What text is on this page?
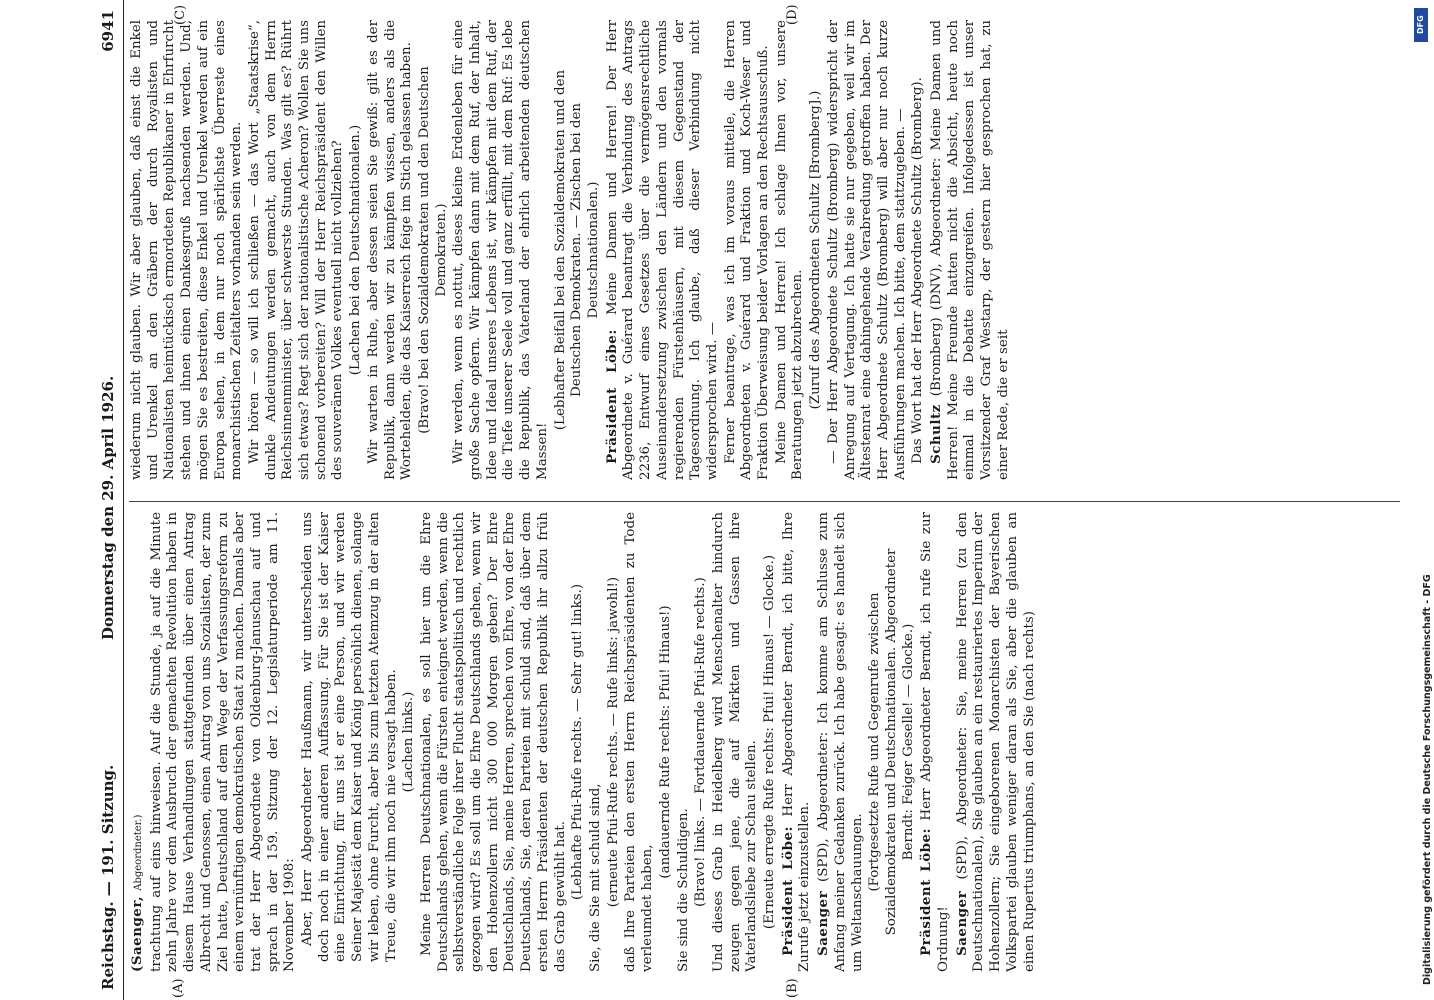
Reichstag. — 191. Sitzung.
Donnerstag den 29. April 1926.
6941
(A)	(B)
(C)	(D)

(Saenger, Abgeordneter.) trachtung auf eins hinweisen. Auf die Stunde, ja auf die Minute zehn Jahre vor dem Ausbruch der gemachten Revolution haben in diesem Hause Verhandlungen stattgefunden über einen Antrag Albrecht und Genossen, einen Antrag von uns Sozialisten, der zum Ziel hatte, Deutschland auf dem Wege der Verfassungsreform zu einem vernünftigen demokratischen Staat zu machen. Damals aber trat der Herr Abgeordnete von Oldenburg-Januschau auf und sprach in der 159. Sitzung der 12. Legislaturperiode am 11. November 1908: Aber, Herr Abgeordneter Haußmann, wir unterscheiden uns doch noch in einer anderen Auffassung. Für Sie ist der Kaiser eine Einrichtung, für uns ist er eine Person, und wir werden Seiner Majestät dem Kaiser und König persönlich dienen, solange wir leben, ohne Furcht, aber bis zum letzten Atemzug in der alten Treue, die wir ihm noch nie versagt haben. (Lachen links.) Meine Herren Deutschnationalen, es soll hier um die Ehre Deutschlands gehen, wenn die Fürsten enteignet werden, wenn die selbstverständliche Folge ihrer Flucht staatspolitisch und rechtlich gezogen wird? Es soll um die Ehre Deutschlands gehen, wenn wir den Hohenzollern nicht 300 000 Morgen geben? Der Ehre Deutschlands, Sie, meine Herren, sprechen von Ehre, von der Ehre Deutschlands, Sie, deren Parteien mit schuld sind, daß über dem ersten Herrn Präsidenten der deutschen Republik ihr allzu früh das Grab gewühlt hat. (Lebhafte Pfui-Rufe rechts. — Sehr gut! links.) Sie, die Sie mit schuld sind, (erneute Pfui-Rufe rechts. — Rufe links: jawohl!) daß Ihre Parteien den ersten Herrn Reichspräsidenten zu Tode verleumdet haben,

(andauernde Rufe rechts: Pfui! Hinaus!)

Sie sind die Schuldigen. (Bravo! links. — Fortdauernde Pfui-Rufe rechts.) Und dieses Grab in Heidelberg wird Menschenalter hindurch zeugen gegen jene, die auf Märkten und Gassen ihre Vaterlandsliebe zur Schau stellen. (Erneute erregte Rufe rechts: Pfui! Hinaus! — Glocke.) Präsident Löbe: Herr Abgeordneter Berndt, ich bitte, Ihre Zurufe jetzt einzustellen. Saenger (SPD), Abgeordneter: Ich komme am Schlusse zum Anfang meiner Gedanken zurück. Ich habe gesagt: es handelt sich um Weltanschauungen.

(Fortgesetzte Rufe und Gegenrufe zwischen Sozialdemokraten und Deutschnationalen. Abgeordneter Berndt: Feiger Geselle! — Glocke.)

Präsident Löbe: Herr Abgeordneter Berndt, ich rufe Sie zur Ordnung! Saenger (SPD), Abgeordneter: Sie, meine Herren (zu den Deutschnationalen), Sie glauben an ein restauriertes Imperium der Hohenzollern; Sie eingeborenen Monarchisten der Bayerischen Volkspartei glauben weniger daran als Sie, aber die glauben an einen Rupertus triumphans, an den Sie (nach rechts)

wiederum nicht glauben. Wir aber glauben, daß einst die Enkel und Urenkel an den Gräbern der durch Royalisten und Nationalisten heimtückisch ermordeten Republikaner in Ehrfurcht stehen und ihnen einen Dankesgruß nachsenden werden. Und, mögen Sie es bestreiten, diese Enkel und Urenkel werden auf ein Europa sehen, in dem nur noch spärlichste Überreste eines monarchistischen Zeitalters vorhanden sein werden. Wir hören — so will ich schließen — das Wort „Staatskrise“, dunkle Andeutungen werden gemacht, auch von dem Herrn Reichsinnenminister, über schwerste Stunden. Was gilt es? Rührt sich etwas? Regt sich der nationalistische Acheron? Wollen Sie uns schonend vorbereiten? Will der Herr Reichspräsident den Willen des souveränen Volkes eventuell nicht vollziehen? (Lachen bei den Deutschnationalen.) Wir warten in Ruhe, aber dessen seien Sie gewiß: gilt es der Republik, dann werden wir zu kämpfen wissen, anders als die Wortehelden, die das Kaiserreich feige im Stich gelassen haben. (Bravo! bei den Sozialdemokraten und den Deutschen Demokraten.) Wir werden, wenn es nottut, dieses kleine Erdenleben für eine große Sache opfern. Wir kämpfen dann mit dem Ruf, der Inhalt, Idee und Ideal unseres Lebens ist, wir kämpfen mit dem Ruf, der die Tiefe unserer Seele voll und ganz erfüllt, mit dem Ruf: Es lebe die Republik, das Vaterland der ehrlich arbeitenden deutschen Massen!

(Lebhafter Beifall bei den Sozialdemokraten und den Deutschen Demokraten. — Zischen bei den Deutschnationalen.)

Präsident Löbe: Meine Damen und Herren! Der Herr Abgeordnete v. Guérard beantragt die Verbindung des Antrags 2236, Entwurf eines Gesetzes über die vermögensrechtliche Auseinandersetzung zwischen den Ländern und den vormals regierenden Fürstenhäusern, mit diesem Gegenstand der Tagesordnung. Ich glaube, daß dieser Verbindung nicht widersprochen wird. — Ferner beantrage, was ich im voraus mitteile, die Herren Abgeordneten v. Guérard und Fraktion und Koch-Weser und Fraktion Überweisung beider Vorlagen an den Rechtsausschuß. Meine Damen und Herren! Ich schlage Ihnen vor, unsere Beratungen jetzt abzubrechen. (Zuruf des Abgeordneten Schultz [Bromberg].) — Der Herr Abgeordnete Schultz (Bromberg) widerspricht der Anregung auf Vertagung. Ich hatte sie nur gegeben, weil wir im Ältestenrat eine dahingehende Verabredung getroffen haben. Der Herr Abgeordnete Schultz (Bromberg) will aber nur noch kurze Ausführungen machen. Ich bitte, dem stattzugeben. — Das Wort hat der Herr Abgeordnete Schultz (Bromberg). Schultz (Bromberg) (DNV), Abgeordneter: Meine Damen und Herren! Meine Freunde hatten nicht die Absicht, heute noch einmal in die Debatte einzugreifen. Infolgedessen ist unser Vorsitzender Graf Westarp, der gestern hier gesprochen hat, zu einer Rede, die er seit

DFG
Digitalisierung gefördert durch die Deutsche Forschungsgemeinschaft - DFG
